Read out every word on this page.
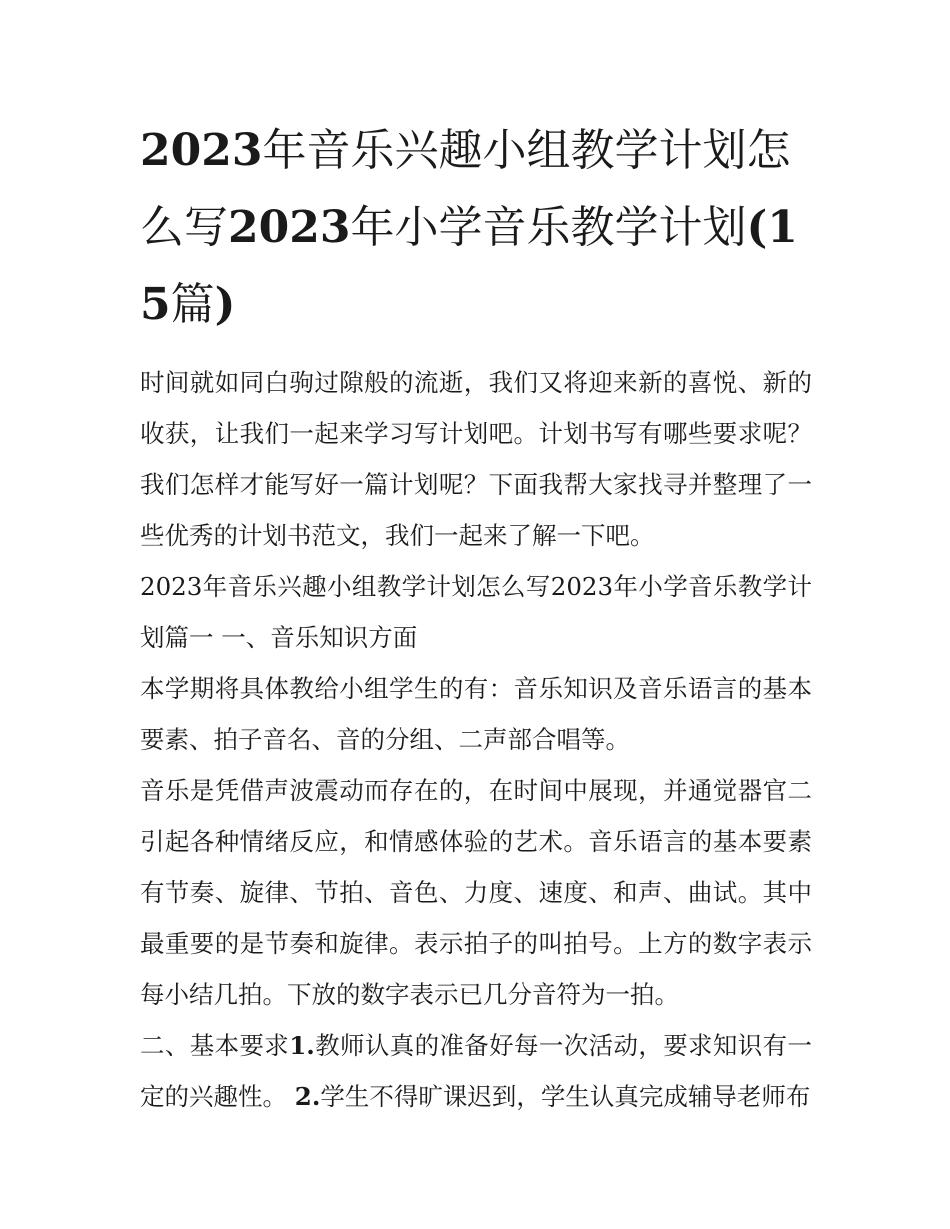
2023年音乐兴趣小组教学计划怎么写2023年小学音乐教学计划(15篇)

时间就如同白驹过隙般的流逝，我们又将迎来新的喜悦、新的收获，让我们一起来学习写计划吧。计划书写有哪些要求呢？我们怎样才能写好一篇计划呢？下面我帮大家找寻并整理了一些优秀的计划书范文，我们一起来了解一下吧。

2023年音乐兴趣小组教学计划怎么写2023年小学音乐教学计划篇一 一、音乐知识方面

本学期将具体教给小组学生的有：音乐知识及音乐语言的基本要素、拍子音名、音的分组、二声部合唱等。

音乐是凭借声波震动而存在的，在时间中展现，并通觉器官二引起各种情绪反应，和情感体验的艺术。音乐语言的基本要素有节奏、旋律、节拍、音色、力度、速度、和声、曲试。其中最重要的是节奏和旋律。表示拍子的叫拍号。上方的数字表示每小结几拍。下放的数字表示已几分音符为一拍。

二、基本要求1.教师认真的准备好每一次活动，要求知识有一定的兴趣性。 2.学生不得旷课迟到，学生认真完成辅导老师布
